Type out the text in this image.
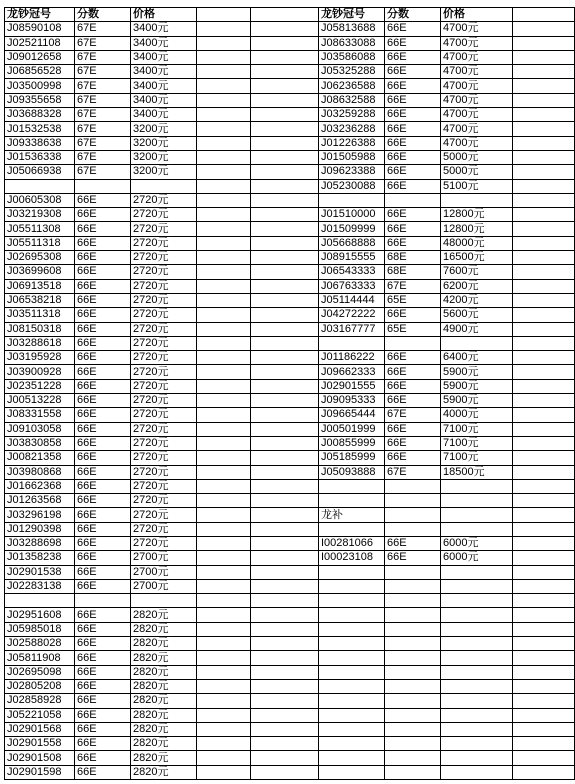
龙钞冠号	分数	价格			龙钞冠号	分数	价格	
J08590108	67E	3400元			J05813688	66E	4700元	
J02521108	67E	3400元			J08633088	66E	4700元	
J09012658	67E	3400元			J03586088	66E	4700元	
J06856528	67E	3400元			J05325288	66E	4700元	
J03500998	67E	3400元			J06236588	66E	4700元	
J09355658	67E	3400元			J08632588	66E	4700元	
J03688328	67E	3400元			J03259288	66E	4700元	
J01532538	67E	3200元			J03236288	66E	4700元	
J09338638	67E	3200元			J01226388	66E	4700元	
J01536338	67E	3200元			J01505988	66E	5000元	
J05066938	67E	3200元			J09623388	66E	5000元	
					J05230088	66E	5100元	
J00605308	66E	2720元						
J03219308	66E	2720元			J01510000	66E	12800元	
J05511308	66E	2720元			J01509999	66E	12800元	
J05511318	66E	2720元			J05668888	66E	48000元	
J02695308	66E	2720元			J08915555	68E	16500元	
J03699608	66E	2720元			J06543333	68E	7600元	
J06913518	66E	2720元			J06763333	67E	6200元	
J06538218	66E	2720元			J05114444	65E	4200元	
J03511318	66E	2720元			J04272222	66E	5600元	
J08150318	66E	2720元			J03167777	65E	4900元	
J03288618	66E	2720元						
J03195928	66E	2720元			J01186222	66E	6400元	
J03900928	66E	2720元			J09662333	66E	5900元	
J02351228	66E	2720元			J02901555	66E	5900元	
J00513228	66E	2720元			J09095333	66E	5900元	
J08331558	66E	2720元			J09665444	67E	4000元	
J09103058	66E	2720元			J00501999	66E	7100元	
J03830858	66E	2720元			J00855999	66E	7100元	
J00821358	66E	2720元			J05185999	66E	7100元	
J03980868	66E	2720元			J05093888	67E	18500元	
J01662368	66E	2720元						
J01263568	66E	2720元						
J03296198	66E	2720元			龙补			
J01290398	66E	2720元						
J03288698	66E	2720元			I00281066	66E	6000元	
J01358238	66E	2700元			I00023108	66E	6000元	
J02901538	66E	2700元						
J02283138	66E	2700元						

J02951608	66E	2820元						
J05985018	66E	2820元						
J02588028	66E	2820元						
J05811908	66E	2820元						
J02695098	66E	2820元						
J02805208	66E	2820元						
J02858928	66E	2820元						
J05221058	66E	2820元						
J02901568	66E	2820元						
J02901558	66E	2820元						
J02901508	66E	2820元						
J02901598	66E	2820元						
